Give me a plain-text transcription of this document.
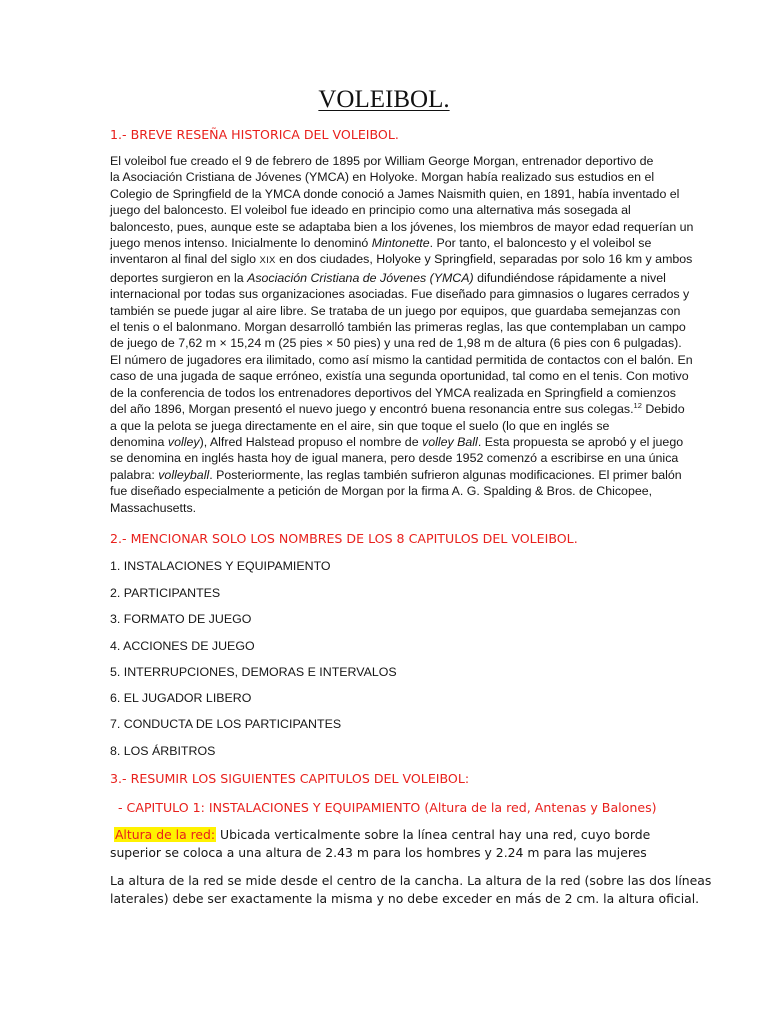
VOLEIBOL.
1.- BREVE RESEÑA HISTORICA DEL VOLEIBOL.
El voleibol fue creado el 9 de febrero de 1895 por William George Morgan, entrenador deportivo de
la Asociación Cristiana de Jóvenes (YMCA) en Holyoke. Morgan había realizado sus estudios en el
Colegio de Springfield de la YMCA donde conoció a James Naismith quien, en 1891, había inventado el
juego del baloncesto. El voleibol fue ideado en principio como una alternativa más sosegada al
baloncesto, pues, aunque este se adaptaba bien a los jóvenes, los miembros de mayor edad requerían un
juego menos intenso. Inicialmente lo denominó Mintonette. Por tanto, el baloncesto y el voleibol se
inventaron al final del siglo XIX en dos ciudades, Holyoke y Springfield, separadas por solo 16 km y ambos
deportes surgieron en la Asociación Cristiana de Jóvenes (YMCA) difundiéndose rápidamente a nivel
internacional por todas sus organizaciones asociadas. Fue diseñado para gimnasios o lugares cerrados y
también se puede jugar al aire libre. Se trataba de un juego por equipos, que guardaba semejanzas con
el tenis o el balonmano. Morgan desarrolló también las primeras reglas, las que contemplaban un campo
de juego de 7,62 m × 15,24 m (25 pies × 50 pies) y una red de 1,98 m de altura (6 pies con 6 pulgadas).
El número de jugadores era ilimitado, como así mismo la cantidad permitida de contactos con el balón. En
caso de una jugada de saque erróneo, existía una segunda oportunidad, tal como en el tenis. Con motivo
de la conferencia de todos los entrenadores deportivos del YMCA realizada en Springfield a comienzos
del año 1896, Morgan presentó el nuevo juego y encontró buena resonancia entre sus colegas.$^{12}$ Debido
a que la pelota se juega directamente en el aire, sin que toque el suelo (lo que en inglés se
denomina volley), Alfred Halstead propuso el nombre de volley Ball. Esta propuesta se aprobó y el juego
se denomina en inglés hasta hoy de igual manera, pero desde 1952 comenzó a escribirse en una única
palabra: volleyball. Posteriormente, las reglas también sufrieron algunas modificaciones. El primer balón
fue diseñado especialmente a petición de Morgan por la firma A. G. Spalding & Bros. de Chicopee,
Massachusetts.
2.- MENCIONAR SOLO LOS NOMBRES DE LOS 8 CAPITULOS DEL VOLEIBOL.
1. INSTALACIONES Y EQUIPAMIENTO
2. PARTICIPANTES
3. FORMATO DE JUEGO
4. ACCIONES DE JUEGO
5. INTERRUPCIONES, DEMORAS E INTERVALOS
6. EL JUGADOR LIBERO
7. CONDUCTA DE LOS PARTICIPANTES
8. LOS ÁRBITROS
3.- RESUMIR LOS SIGUIENTES CAPITULOS DEL VOLEIBOL:
- CAPITULO 1: INSTALACIONES Y EQUIPAMIENTO (Altura de la red, Antenas y Balones)
Altura de la red: Ubicada verticalmente sobre la línea central hay una red, cuyo borde
superior se coloca a una altura de 2.43 m para los hombres y 2.24 m para las mujeres
La altura de la red se mide desde el centro de la cancha. La altura de la red (sobre las dos líneas
laterales) debe ser exactamente la misma y no debe exceder en más de 2 cm. la altura oficial.
